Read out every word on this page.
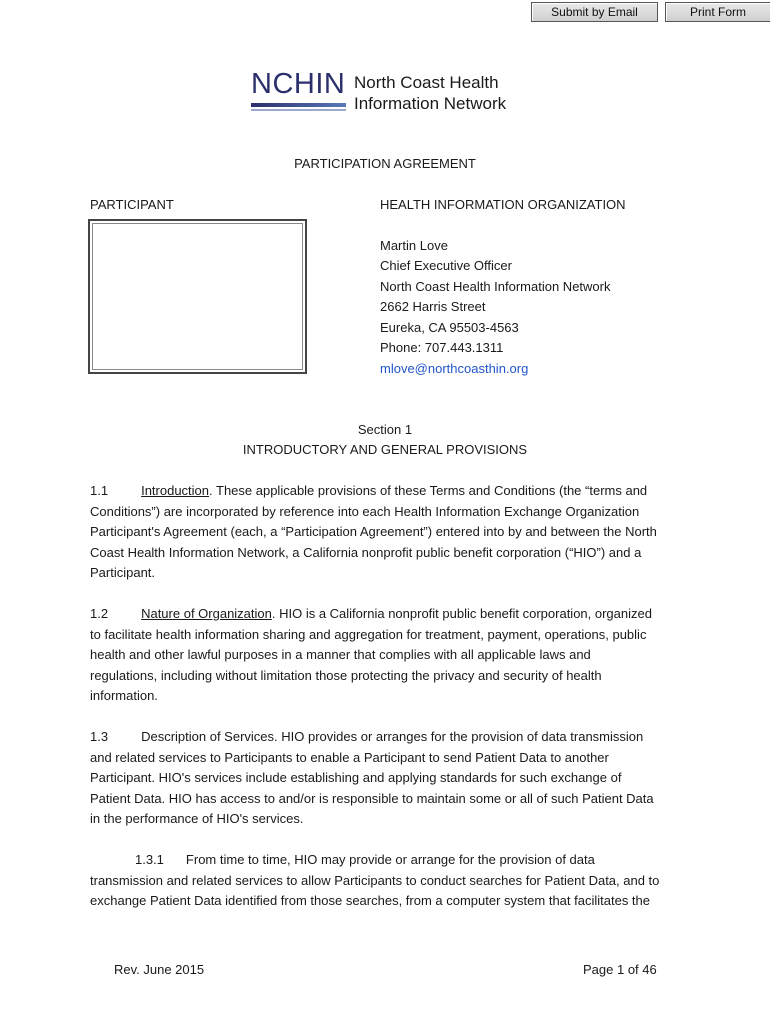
Submit by Email	Print Form
NCHIN North Coast Health
Information Network
PARTICIPATION AGREEMENT
PARTICIPANT	HEALTH INFORMATION ORGANIZATION
Martin Love
Chief Executive Officer
North Coast Health Information Network
2662 Harris Street
Eureka, CA 95503-4563
Phone: 707.443.1311
mlove@northcoasthin.org
Section 1
INTRODUCTORY AND GENERAL PROVISIONS
1.1	Introduction. These applicable provisions of these Terms and Conditions (the “terms and
Conditions”) are incorporated by reference into each Health Information Exchange Organization
Participant's Agreement (each, a “Participation Agreement”) entered into by and between the North
Coast Health Information Network, a California nonprofit public benefit corporation (“HIO”) and a
Participant.
1.2	Nature of Organization. HIO is a California nonprofit public benefit corporation, organized
to facilitate health information sharing and aggregation for treatment, payment, operations, public
health and other lawful purposes in a manner that complies with all applicable laws and
regulations, including without limitation those protecting the privacy and security of health
information.
1.3	Description of Services. HIO provides or arranges for the provision of data transmission
and related services to Participants to enable a Participant to send Patient Data to another
Participant. HIO's services include establishing and applying standards for such exchange of
Patient Data. HIO has access to and/or is responsible to maintain some or all of such Patient Data
in the performance of HIO's services.
1.3.1 From time to time, HIO may provide or arrange for the provision of data
transmission and related services to allow Participants to conduct searches for Patient Data, and to
exchange Patient Data identified from those searches, from a computer system that facilitates the
Rev. June 2015	Page 1 of 46
